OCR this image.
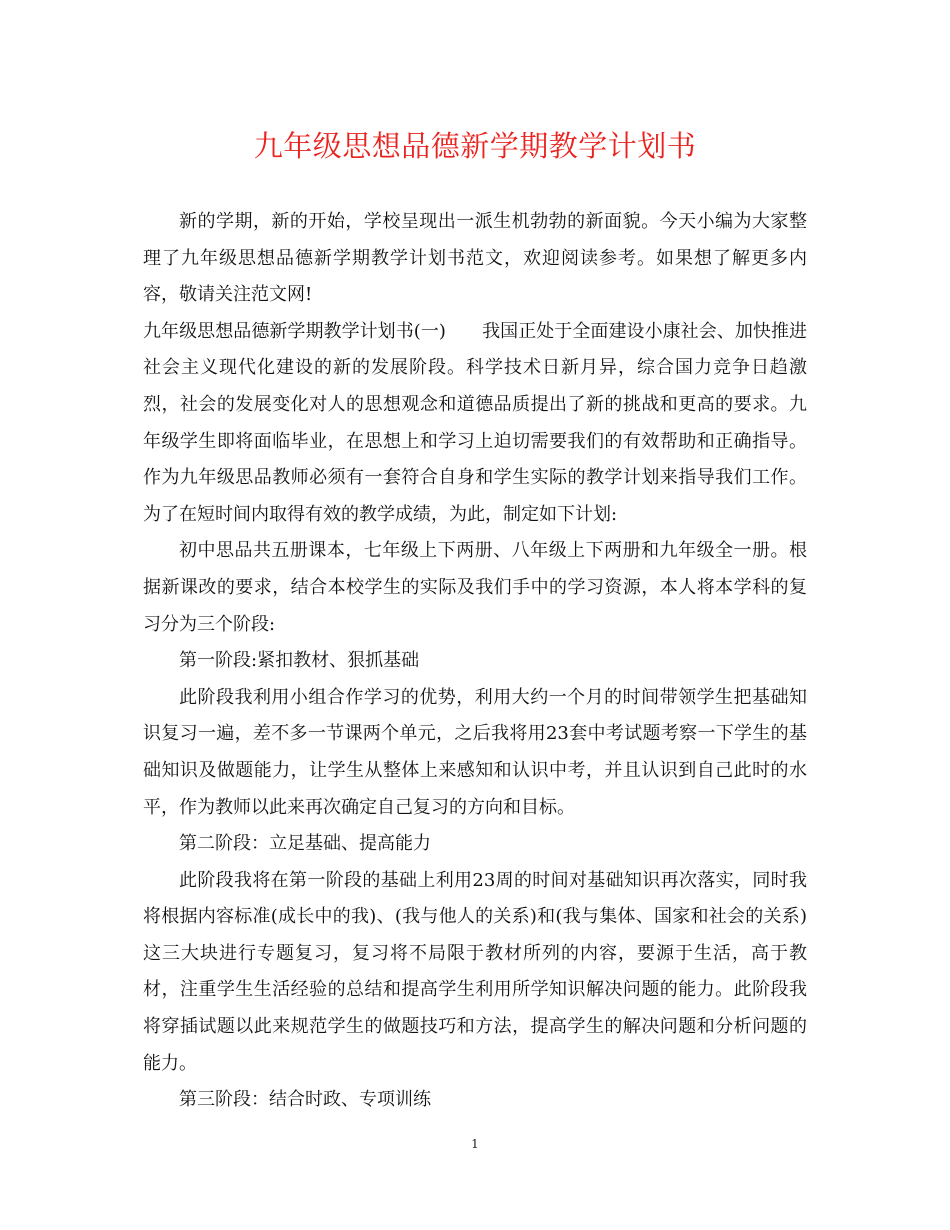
九年级思想品德新学期教学计划书

新的学期，新的开始，学校呈现出一派生机勃勃的新面貌。今天小编为大家整理了九年级思想品德新学期教学计划书范文，欢迎阅读参考。如果想了解更多内容，敬请关注范文网!

九年级思想品德新学期教学计划书(一)　　我国正处于全面建设小康社会、加快推进社会主义现代化建设的新的发展阶段。科学技术日新月异，综合国力竞争日趋激烈，社会的发展变化对人的思想观念和道德品质提出了新的挑战和更高的要求。九年级学生即将面临毕业，在思想上和学习上迫切需要我们的有效帮助和正确指导。作为九年级思品教师必须有一套符合自身和学生实际的教学计划来指导我们工作。为了在短时间内取得有效的教学成绩，为此，制定如下计划:

初中思品共五册课本，七年级上下两册、八年级上下两册和九年级全一册。根据新课改的要求，结合本校学生的实际及我们手中的学习资源，本人将本学科的复习分为三个阶段:

第一阶段:紧扣教材、狠抓基础

此阶段我利用小组合作学习的优势，利用大约一个月的时间带领学生把基础知识复习一遍，差不多一节课两个单元，之后我将用23套中考试题考察一下学生的基础知识及做题能力，让学生从整体上来感知和认识中考，并且认识到自己此时的水平，作为教师以此来再次确定自己复习的方向和目标。

第二阶段：立足基础、提高能力

此阶段我将在第一阶段的基础上利用23周的时间对基础知识再次落实，同时我将根据内容标准(成长中的我)、(我与他人的关系)和(我与集体、国家和社会的关系)这三大块进行专题复习，复习将不局限于教材所列的内容，要源于生活，高于教材，注重学生生活经验的总结和提高学生利用所学知识解决问题的能力。此阶段我将穿插试题以此来规范学生的做题技巧和方法，提高学生的解决问题和分析问题的能力。

第三阶段：结合时政、专项训练

1
